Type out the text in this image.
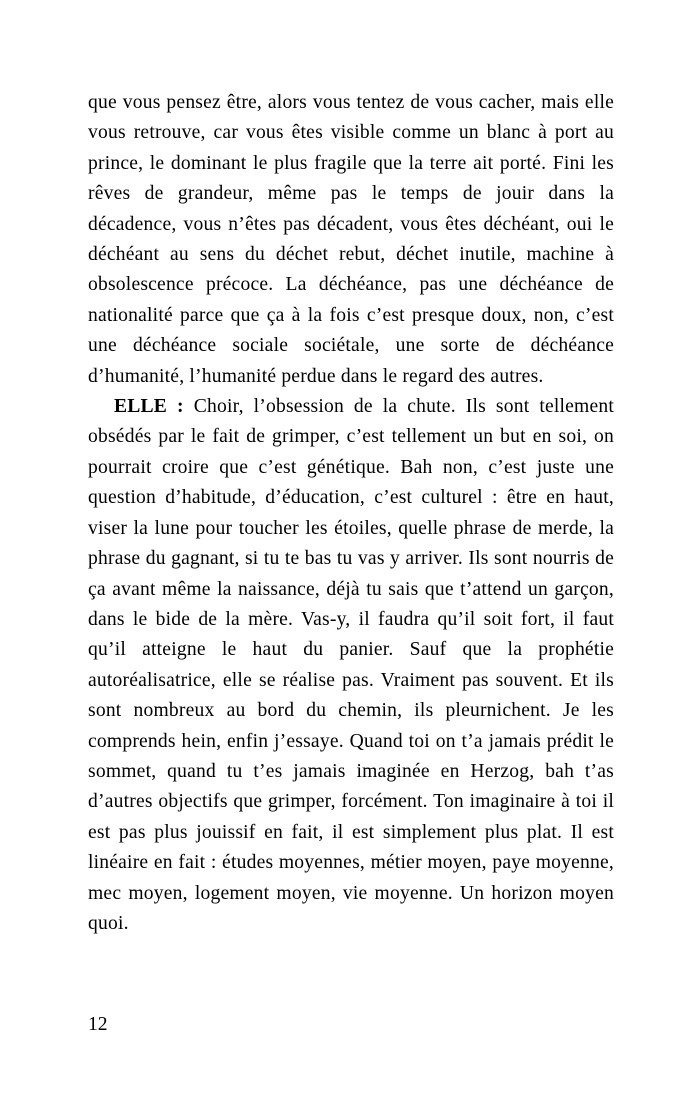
que vous pensez être, alors vous tentez de vous cacher, mais elle vous retrouve, car vous êtes visible comme un blanc à port au prince, le dominant le plus fragile que la terre ait porté. Fini les rêves de grandeur, même pas le temps de jouir dans la décadence, vous n’êtes pas décadent, vous êtes déchéant, oui le déchéant au sens du déchet rebut, déchet inutile, machine à obsolescence précoce. La déchéance, pas une déchéance de nationalité parce que ça à la fois c’est presque doux, non, c’est une déchéance sociale sociétale, une sorte de déchéance d’humanité, l’humanité perdue dans le regard des autres.

ELLE : Choir, l’obsession de la chute. Ils sont tellement obsédés par le fait de grimper, c’est tellement un but en soi, on pourrait croire que c’est génétique. Bah non, c’est juste une question d’habitude, d’éducation, c’est culturel : être en haut, viser la lune pour toucher les étoiles, quelle phrase de merde, la phrase du gagnant, si tu te bas tu vas y arriver. Ils sont nourris de ça avant même la naissance, déjà tu sais que t’attend un garçon, dans le bide de la mère. Vas-y, il faudra qu’il soit fort, il faut qu’il atteigne le haut du panier. Sauf que la prophétie autoréalisatrice, elle se réalise pas. Vraiment pas souvent. Et ils sont nombreux au bord du chemin, ils pleurnichent. Je les comprends hein, enfin j’essaye. Quand toi on t’a jamais prédit le sommet, quand tu t’es jamais imaginée en Herzog, bah t’as d’autres objectifs que grimper, forcément. Ton imaginaire à toi il est pas plus jouissif en fait, il est simplement plus plat. Il est linéaire en fait : études moyennes, métier moyen, paye moyenne, mec moyen, logement moyen, vie moyenne. Un horizon moyen quoi.

12
